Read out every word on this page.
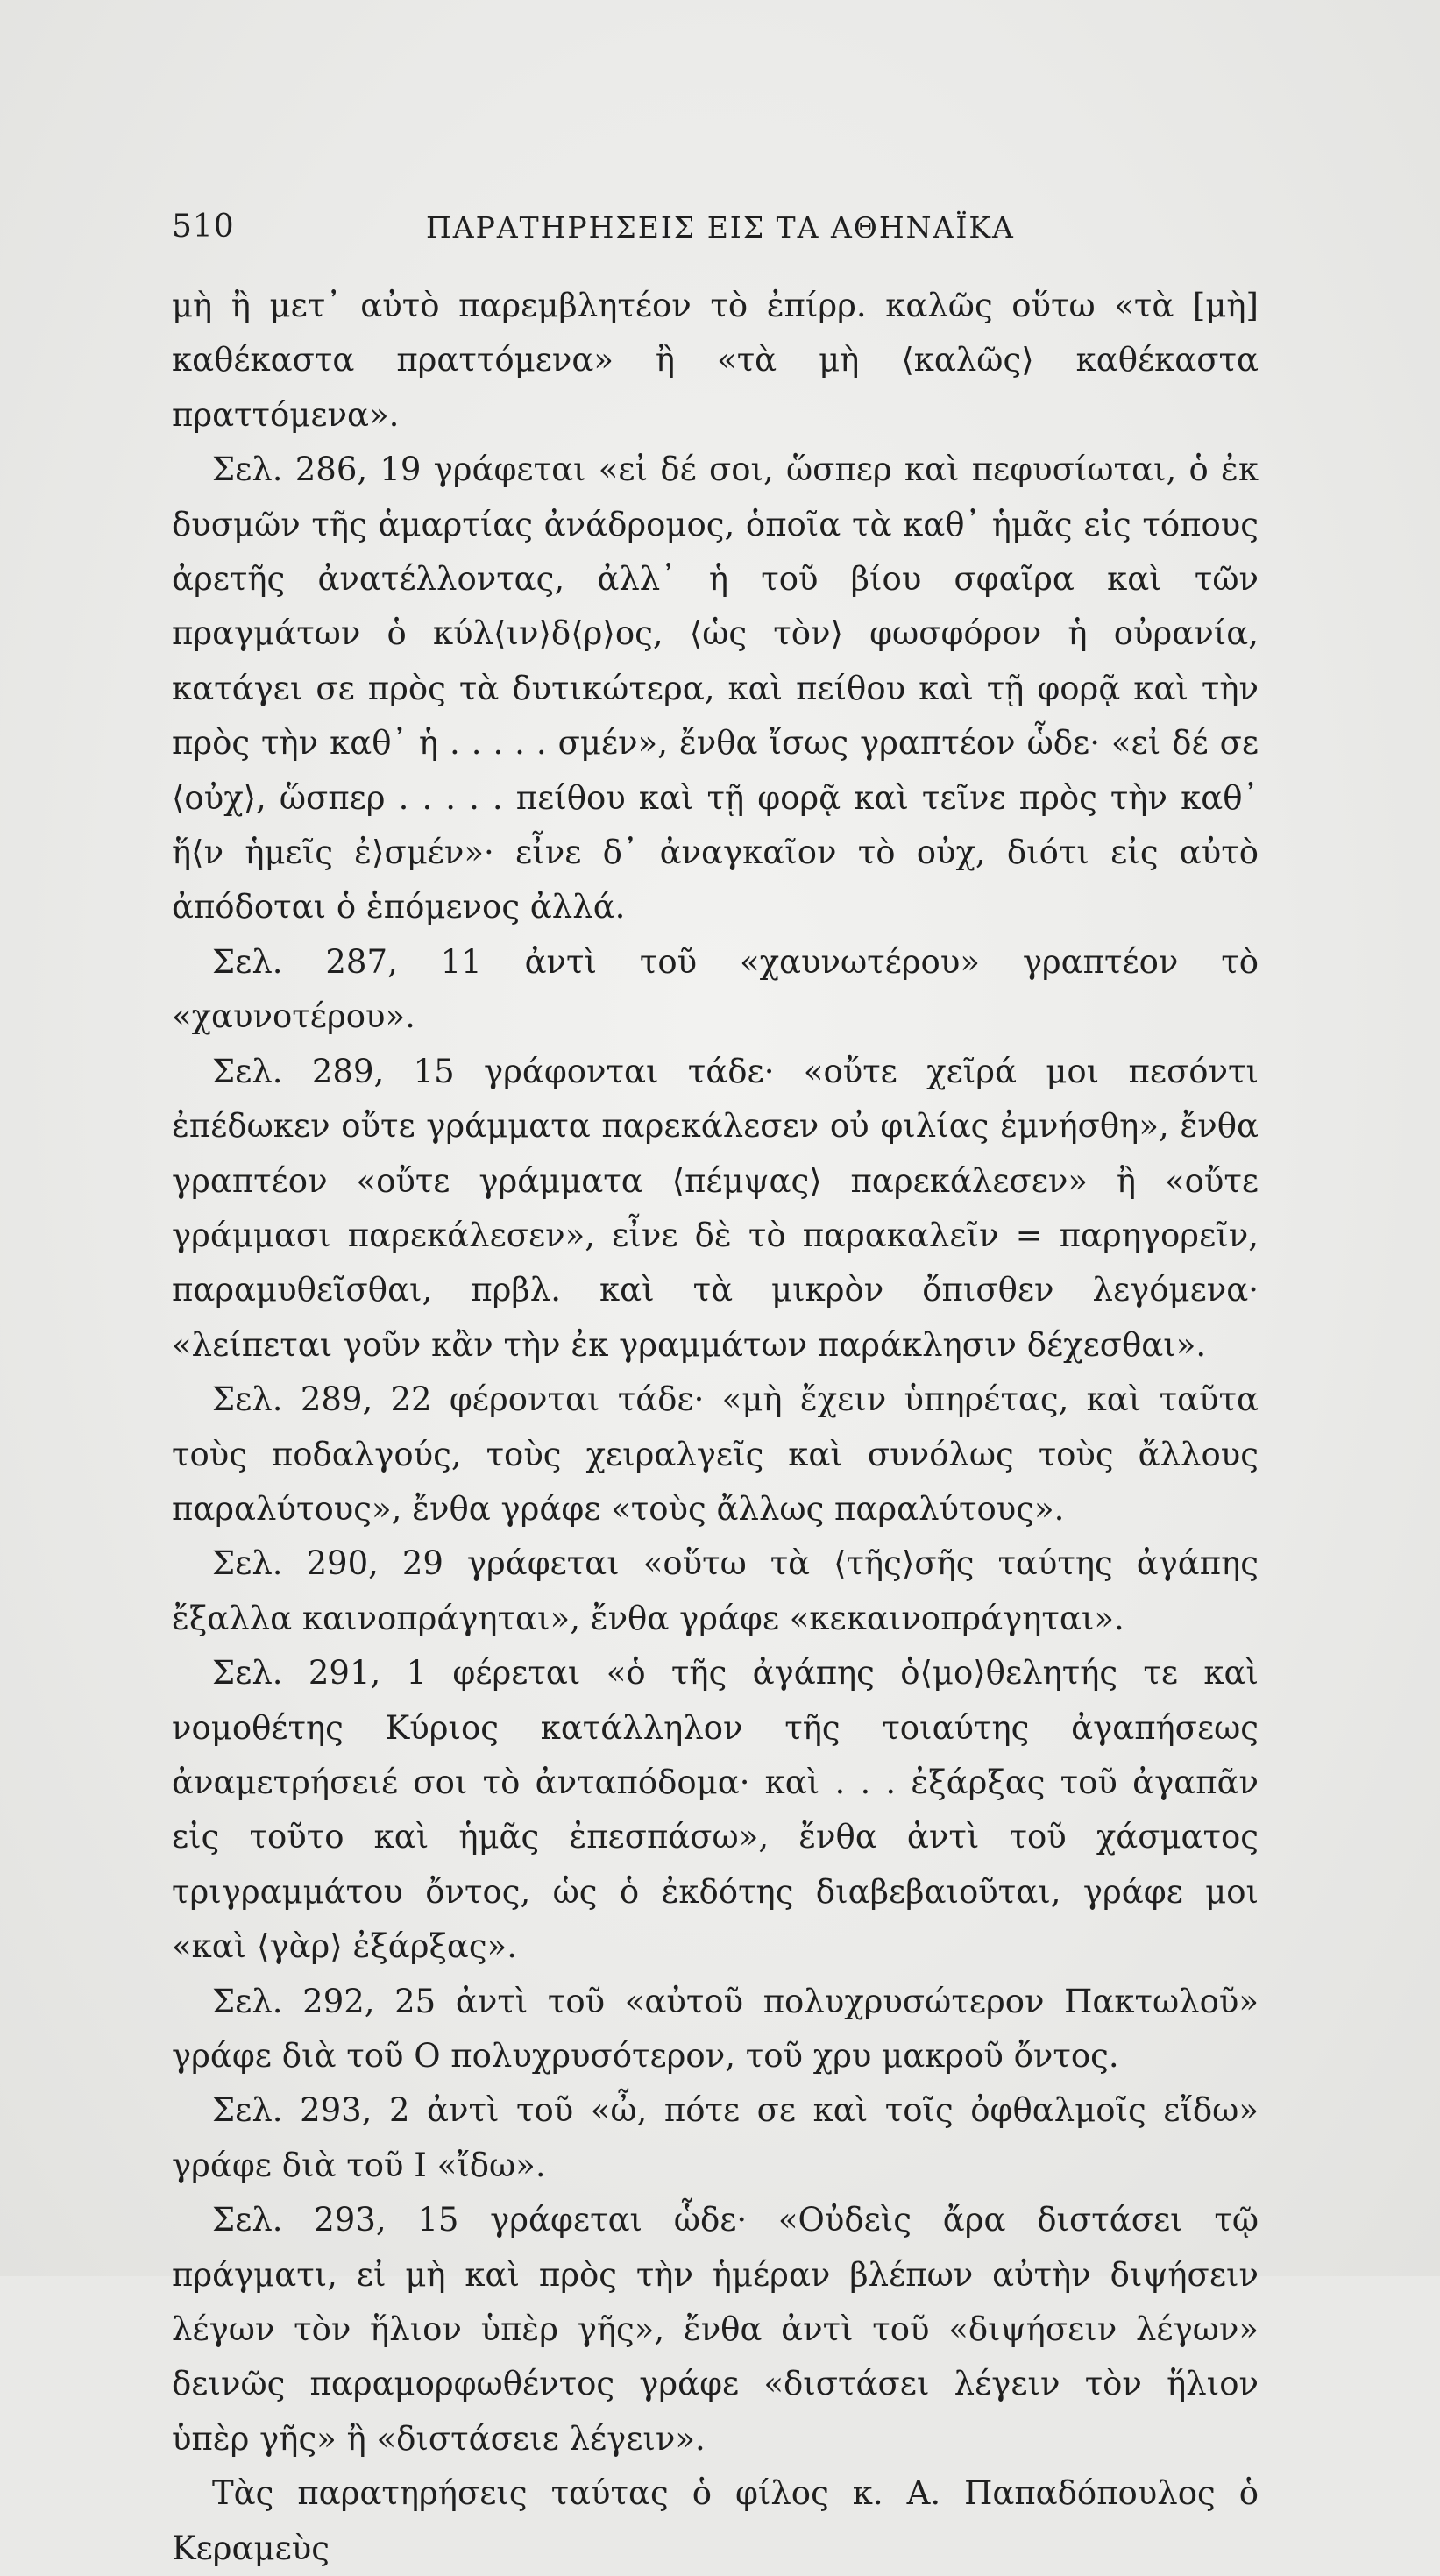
510	ΠΑΡΑΤΗΡΗΣΕΙΣ ΕΙΣ ΤΑ ΑΘΗΝΑΪΚΑ

μὴ ἢ μετ᾽ αὐτὸ παρεμβλητέον τὸ ἐπίρρ. καλῶς οὕτω «τὰ [μὴ] καθέκαστα πραττόμενα» ἢ «τὰ μὴ ⟨καλῶς⟩ καθέκαστα πραττόμενα».

Σελ. 286, 19 γράφεται «εἰ δέ σοι, ὥσπερ καὶ πεφυσίωται, ὁ ἐκ δυσμῶν τῆς ἁμαρτίας ἀνάδρομος, ὁποῖα τὰ καθ᾽ ἡμᾶς εἰς τόπους ἀρετῆς ἀνατέλλοντας, ἀλλ᾽ ἡ τοῦ βίου σφαῖρα καὶ τῶν πραγμάτων ὁ κύλ⟨ιν⟩δ⟨ρ⟩ος, ⟨ὡς τὸν⟩ φωσφόρον ἡ οὐρανία, κατάγει σε πρὸς τὰ δυτικώτερα, καὶ πείθου καὶ τῇ φορᾷ καὶ τὴν πρὸς τὴν καθ᾽ ἡ . . . . . σμέν», ἔνθα ἴσως γραπτέον ὧδε· «εἰ δέ σε ⟨οὐχ⟩, ὥσπερ . . . . . πείθου καὶ τῇ φορᾷ καὶ τεῖνε πρὸς τὴν καθ᾽ ἥ⟨ν ἡμεῖς ἐ⟩σμέν»· εἶνε δ᾽ ἀναγκαῖον τὸ οὐχ, διότι εἰς αὐτὸ ἀπόδοται ὁ ἑπόμενος ἀλλά.

Σελ. 287, 11 ἀντὶ τοῦ «χαυνωτέρου» γραπτέον τὸ «χαυνοτέρου».

Σελ. 289, 15 γράφονται τάδε· «οὔτε χεῖρά μοι πεσόντι ἐπέδωκεν οὔτε γράμματα παρεκάλεσεν οὐ φιλίας ἐμνήσθη», ἔνθα γραπτέον «οὔτε γράμματα ⟨πέμψας⟩ παρεκάλεσεν» ἢ «οὔτε γράμμασι παρεκάλεσεν», εἶνε δὲ τὸ παρακαλεῖν = παρηγορεῖν, παραμυθεῖσθαι, πρβλ. καὶ τὰ μικρὸν ὄπισθεν λεγόμενα· «λείπεται γοῦν κἂν τὴν ἐκ γραμμάτων παράκλησιν δέχεσθαι».

Σελ. 289, 22 φέρονται τάδε· «μὴ ἔχειν ὑπηρέτας, καὶ ταῦτα τοὺς ποδαλγούς, τοὺς χειραλγεῖς καὶ συνόλως τοὺς ἄλλους παραλύτους», ἔνθα γράφε «τοὺς ἄλλως παραλύτους».

Σελ. 290, 29 γράφεται «οὕτω τὰ ⟨τῆς⟩σῆς ταύτης ἀγάπης ἔξαλλα καινοπράγηται», ἔνθα γράφε «κεκαινοπράγηται».

Σελ. 291, 1 φέρεται «ὁ τῆς ἀγάπης ὁ⟨μο⟩θελητής τε καὶ νομοθέτης Κύριος κατάλληλον τῆς τοιαύτης ἀγαπήσεως ἀναμετρήσειέ σοι τὸ ἀνταπόδομα· καὶ . . . ἐξάρξας τοῦ ἀγαπᾶν εἰς τοῦτο καὶ ἡμᾶς ἐπεσπάσω», ἔνθα ἀντὶ τοῦ χάσματος τριγραμμάτου ὄντος, ὡς ὁ ἐκδότης διαβεβαιοῦται, γράφε μοι «καὶ ⟨γὰρ⟩ ἐξάρξας».

Σελ. 292, 25 ἀντὶ τοῦ «αὐτοῦ πολυχρυσώτερον Πακτωλοῦ» γράφε διὰ τοῦ Ο πολυχρυσότερον, τοῦ χρυ μακροῦ ὄντος.

Σελ. 293, 2 ἀντὶ τοῦ «ὦ, πότε σε καὶ τοῖς ὀφθαλμοῖς εἴδω» γράφε διὰ τοῦ Ι «ἴδω».

Σελ. 293, 15 γράφεται ὧδε· «Οὐδεὶς ἄρα διστάσει τῷ πράγματι, εἰ μὴ καὶ πρὸς τὴν ἡμέραν βλέπων αὐτὴν διψήσειν λέγων τὸν ἥλιον ὑπὲρ γῆς», ἔνθα ἀντὶ τοῦ «διψήσειν λέγων» δεινῶς παραμορφωθέντος γράφε «διστάσει λέγειν τὸν ἥλιον ὑπὲρ γῆς» ἢ «διστάσειε λέγειν».

Τὰς παρατηρήσεις ταύτας ὁ φίλος κ. Α. Παπαδόπουλος ὁ Κεραμεὺς
